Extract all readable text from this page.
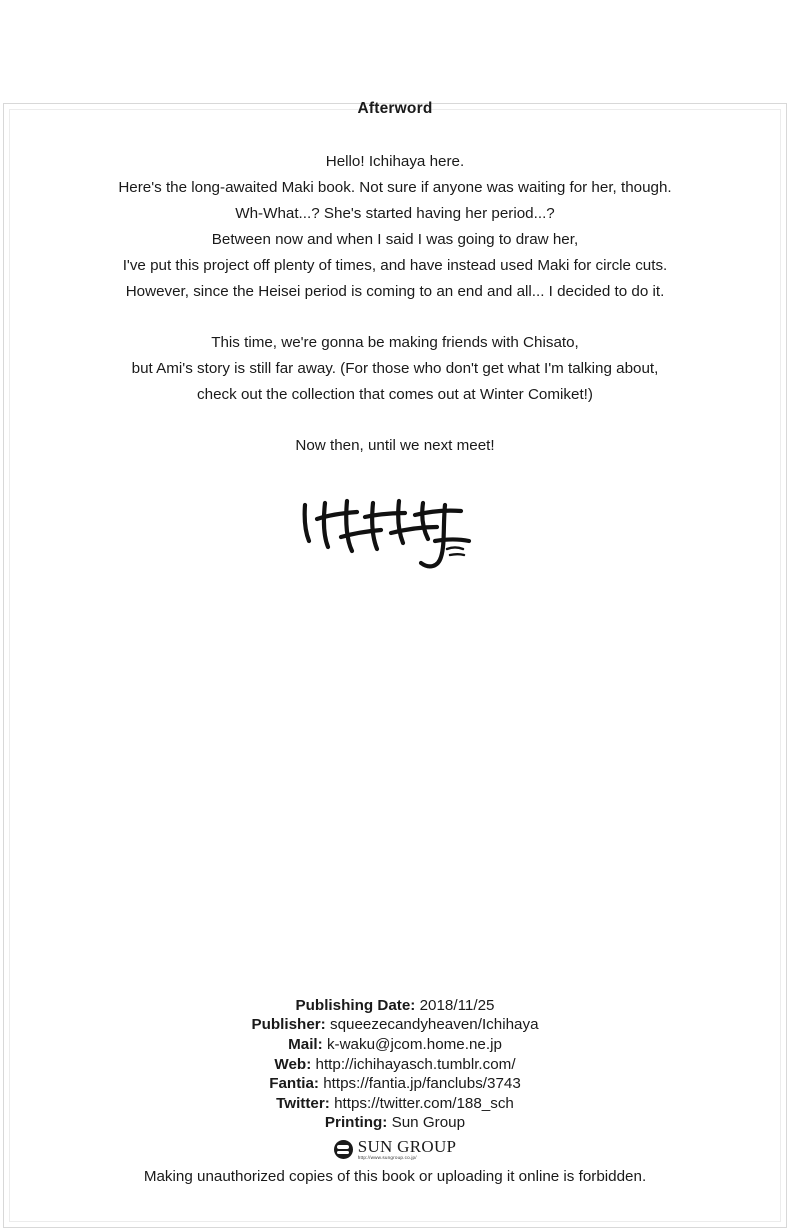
Afterword
Hello! Ichihaya here.
Here's the long-awaited Maki book. Not sure if anyone was waiting for her, though.
Wh-What...? She's started having her period...?
Between now and when I said I was going to draw her,
I've put this project off plenty of times, and have instead used Maki for circle cuts.
However, since the Heisei period is coming to an end and all... I decided to do it.
This time, we're gonna be making friends with Chisato,
but Ami's story is still far away. (For those who don't get what I'm talking about,
check out the collection that comes out at Winter Comiket!)
Now then, until we next meet!
Publishing Date: 2018/11/25
Publisher: squeezecandyheaven/Ichihaya
Mail: k-waku@jcom.home.ne.jp
Web: http://ichihayasch.tumblr.com/
Fantia: https://fantia.jp/fanclubs/3743
Twitter: https://twitter.com/188_sch
Printing: Sun Group
SUN GROUP
http://www.sungroup.co.jp/
Making unauthorized copies of this book or uploading it online is forbidden.
